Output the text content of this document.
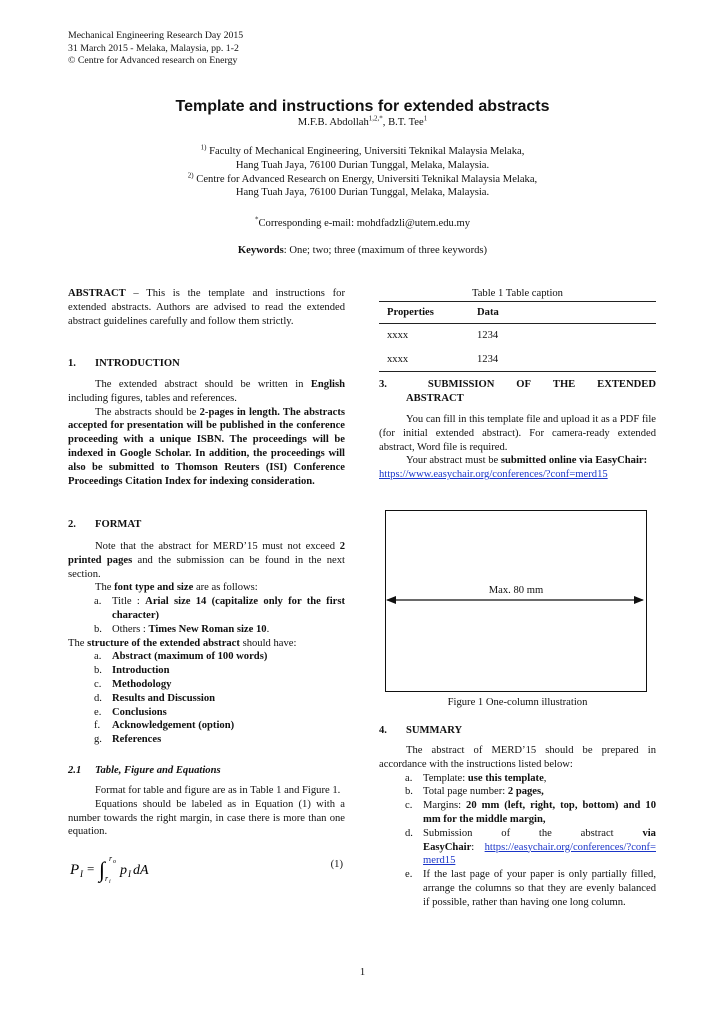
Mechanical Engineering Research Day 2015
31 March 2015 - Melaka, Malaysia, pp. 1-2
© Centre for Advanced research on Energy
Template and instructions for extended abstracts
M.F.B. Abdollah$^{1,2,*}$, B.T. Tee$^1$
$^{1)}$ Faculty of Mechanical Engineering, Universiti Teknikal Malaysia Melaka,
Hang Tuah Jaya, 76100 Durian Tunggal, Melaka, Malaysia.
$^{2)}$ Centre for Advanced Research on Energy, Universiti Teknikal Malaysia Melaka,
Hang Tuah Jaya, 76100 Durian Tunggal, Melaka, Malaysia.
*Corresponding e-mail: mohdfadzli@utem.edu.my
Keywords: One; two; three (maximum of three keywords)
ABSTRACT – This is the template and instructions for extended abstracts. Authors are advised to read the extended abstract guidelines carefully and follow them strictly.
1. INTRODUCTION

The extended abstract should be written in English including figures, tables and references.

The abstracts should be 2-pages in length. The abstracts accepted for presentation will be published in the conference proceeding with a unique ISBN. The proceedings will be indexed in Google Scholar. In addition, the proceedings will also be submitted to Thomson Reuters (ISI) Conference Proceedings Citation Index for indexing consideration.

2. FORMAT

Note that the abstract for MERD’15 must not exceed 2 printed pages and the submission can be found in the next section.

The font type and size are as follows:

a. Title : Arial size 14 (capitalize only for the first character)
b. Others : Times New Roman size 10.

The structure of the extended abstract should have:

a. Abstract (maximum of 100 words)
b. Introduction
c. Methodology
d. Results and Discussion
e. Conclusions
f. Acknowledgement (option)
g. References
2.1 Table, Figure and Equations

Format for table and figure are as in Table 1 and Figure 1.

Equations should be labeled as in Equation (1) with a number towards the right margin, in case there is more than one equation.

P I = ∫ r o
r i
p I dA	(1)
Table 1 Table caption
Properties	Data
xxxx	1234
xxxx	1234
3.	SUBMISSION OF THE EXTENDED
ABSTRACT

You can fill in this template file and upload it as a PDF file (for initial extended abstract). For camera-ready extended abstract, Word file is required.

Your abstract must be submitted online via EasyChair:

https://www.easychair.org/conferences/?conf=merd15
Max. 80 mm
Figure 1 One-column illustration
4. SUMMARY

The abstract of MERD’15 should be prepared in accordance with the instructions listed below:

a. Template: use this template,
b. Total page number: 2 pages,
c. Margins: 20 mm (left, right, top, bottom) and 10 mm for the middle margin,
d. Submission	of	the	abstract	via
EasyChair: https://easychair.org/conferences/?conf=merd15
e. If the last page of your paper is only partially filled, arrange the columns so that they are evenly balanced if possible, rather than having one long column.
1
